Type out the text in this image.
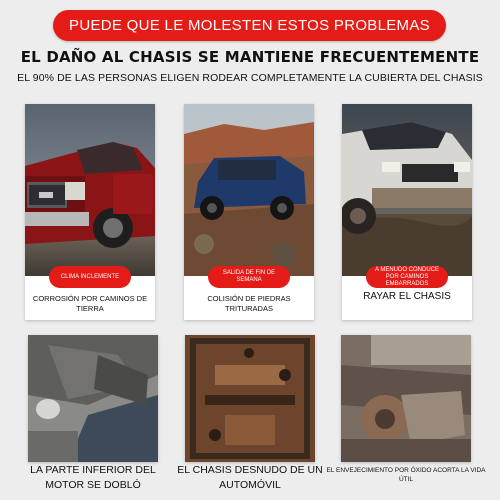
PUEDE QUE LE MOLESTEN ESTOS PROBLEMAS
EL DAÑO AL CHASIS SE MANTIENE FRECUENTEMENTE
EL 90% DE LAS PERSONAS ELIGEN RODEAR COMPLETAMENTE LA CUBIERTA DEL CHASIS
CLIMA INCLEMENTE
CORROSIÓN POR CAMINOS DE TIERRA
SALIDA DE FIN DE SEMANA
COLISIÓN DE PIEDRAS TRITURADAS
A MENUDO CONDUCE POR CAMINOS EMBARRADOS
RAYAR EL CHASIS
LA PARTE INFERIOR DEL MOTOR SE DOBLÓ
EL CHASIS DESNUDO DE UN AUTOMÓVIL
EL ENVEJECIMIENTO POR ÓXIDO ACORTA LA VIDA ÚTIL
